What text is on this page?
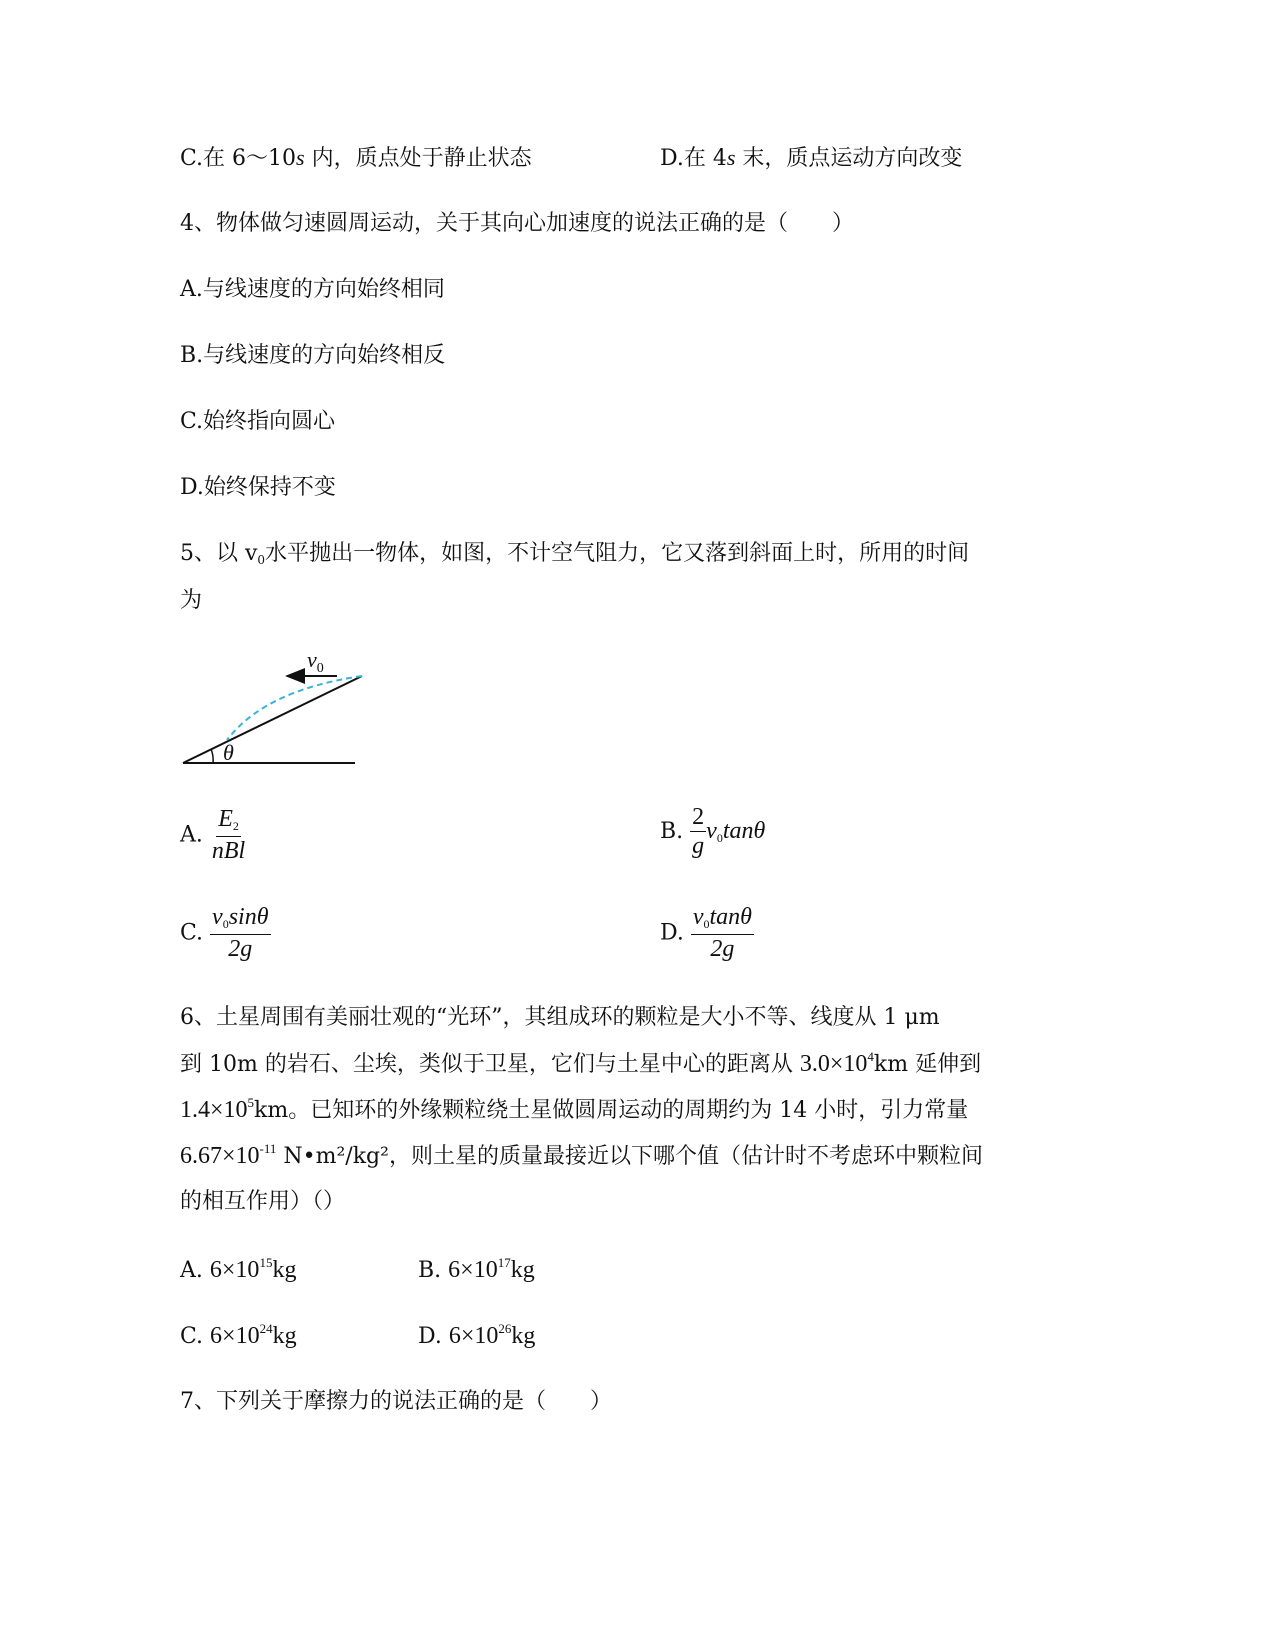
C.在 6～10s 内，质点处于静止状态	D.在 4s 末，质点运动方向改变
4、物体做匀速圆周运动，关于其向心加速度的说法正确的是（　　）
A.与线速度的方向始终相同
B.与线速度的方向始终相反
C.始终指向圆心
D.始终保持不变
5、以 $v_0$水平抛出一物体，如图，不计空气阻力，它又落到斜面上时，所用的时间
为
$v_0$
θ
A. $\frac{E_2}{\text{nBl}}$	B. $\frac{2}{g} v_0\tan\theta$
C. $\frac{v_0\sin\theta}{2g}$	D. $\frac{v_0\tan\theta}{2g}$
6、土星周围有美丽壮观的“光环”，其组成环的颗粒是大小不等、线度从 1 μm
到 10m 的岩石、尘埃，类似于卫星，它们与土星中心的距离从 $3.0\times 10^4km$ 延伸到
$1.4\times 10^5km$。已知环的外缘颗粒绕土星做圆周运动的周期约为 14 小时，引力常量
$6.67\times 10^{-11}$ N•m²/kg²，则土星的质量最接近以下哪个值（估计时不考虑环中颗粒间
的相互作用）（）
A. $6\times 10^{15}kg$	B. $6\times 10^{17}kg$
C. $6\times 10^{24}kg$	D. $6\times 10^{26}kg$
7、下列关于摩擦力的说法正确的是（　　）
